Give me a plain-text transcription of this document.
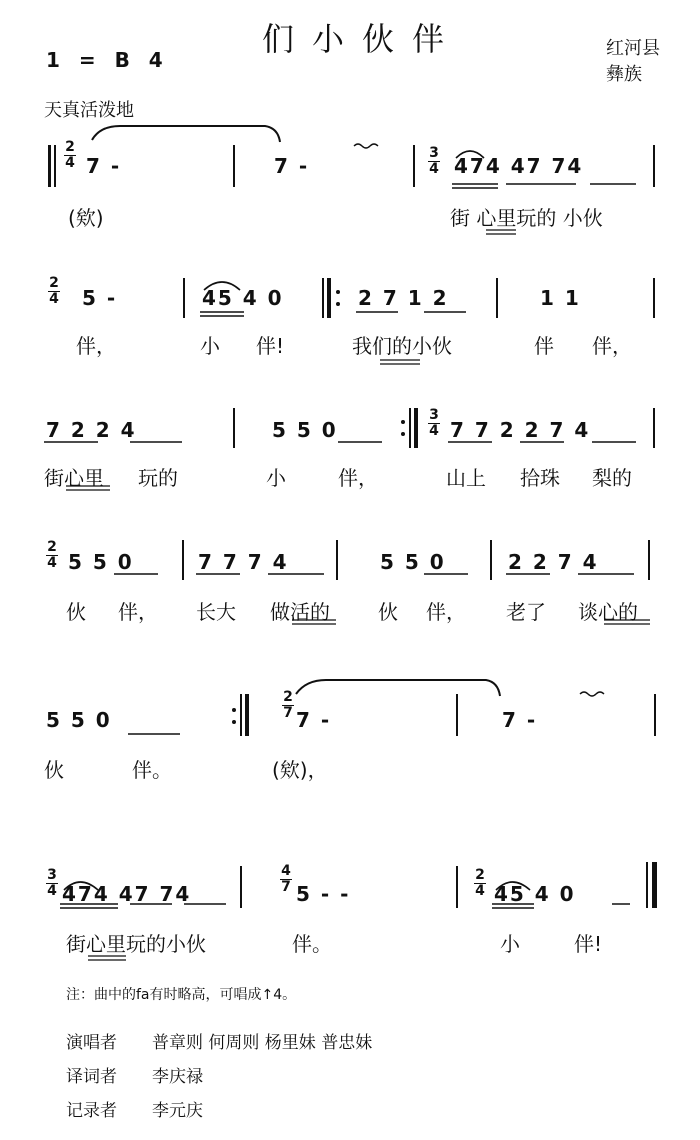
们小伙伴
1 = B 4	红河县
彝族
天真活泼地
2
4
3
4
7 -	7 -	474 47 74
(欸)	街 心里玩的 小伙
2
4 5 -	45 4 0	2 7 1 2	1 1
伴，	小 伴!	我们的小伙	伴 伴，
3
4
7 2 2 4	5 5 0	7 7 2 2 7 4
街心里 玩的	小	伴，	山上 拾珠 梨的
2
4 5 5 0	7 7 7 4	5 5 0	2 2 7 4
伙 伴， 长大 做活的 伙 伴， 老了 谈心的
2
7
5 5 0	7 -	7 -
伙	伴。	(欸)，
3
4
4
7
2
4
474 47 74	5 - -	45 4 0
街心里玩的小伙	伴。	小	伴!
注：曲中的fa有时略高，可唱成↑4。
演唱者 普章则 何周则 杨里妹 普忠妹
译词者 李庆禄
记录者 李元庆
